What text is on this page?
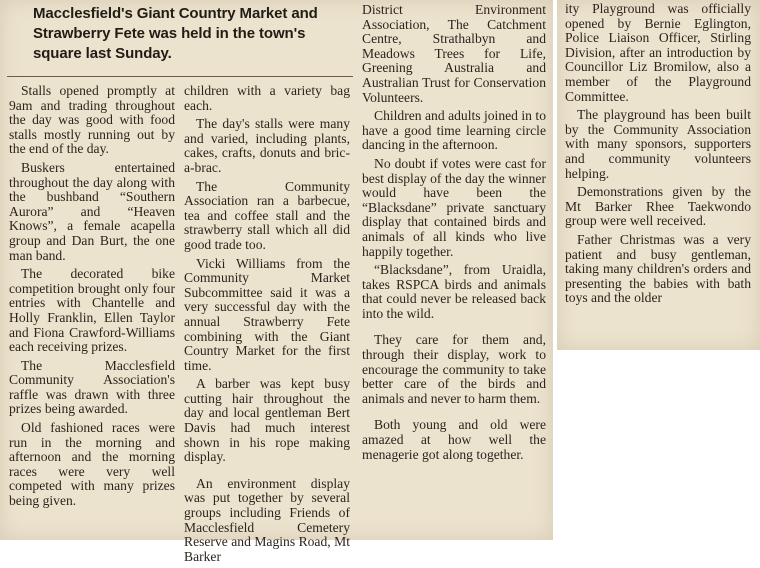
Macclesfield's Giant Country Market and Strawberry Fete was held in the town's square last Sunday.

Stalls opened promptly at 9am and trading throughout the day was good with food stalls mostly running out by the end of the day.

Buskers entertained throughout the day along with the bushband “Southern Aurora” and “Heaven Knows”, a female acapella group and Dan Burt, the one man band.

The decorated bike competition brought only four entries with Chantelle and Holly Franklin, Ellen Taylor and Fiona Crawford-Williams each receiving prizes.

The Macclesfield Community Association's raffle was drawn with three prizes being awarded.

Old fashioned races were run in the morning and afternoon and the morning races were very well competed with many prizes being given.

children with a variety bag each.

The day's stalls were many and varied, including plants, cakes, crafts, donuts and bric-a-brac.

The Community Association ran a barbecue, tea and coffee stall and the strawberry stall which all did good trade too.

Vicki Williams from the Community Market Subcommittee said it was a very successful day with the annual Strawberry Fete combining with the Giant Country Market for the first time.

A barber was kept busy cutting hair throughout the day and local gentleman Bert Davis had much interest shown in his rope making display.

An environment display was put together by several groups including Friends of Macclesfield Cemetery Reserve and Magins Road, Mt Barker

District Environment Association, The Catchment Centre, Strathalbyn and Meadows Trees for Life, Greening Australia and Australian Trust for Conservation Volunteers.

Children and adults joined in to have a good time learning circle dancing in the afternoon.

No doubt if votes were cast for best display of the day the winner would have been the “Blacksdane” private sanctuary display that contained birds and animals of all kinds who live happily together.

“Blacksdane”, from Uraidla, takes RSPCA birds and animals that could never be released back into the wild.

They care for them and, through their display, work to encourage the community to take better care of the birds and animals and never to harm them.

Both young and old were amazed at how well the menagerie got along together.

ity Playground was officially opened by Bernie Eglington, Police Liaison Officer, Stirling Division, after an introduction by Councillor Liz Bromilow, also a member of the Playground Committee.

The playground has been built by the Community Association with many sponsors, supporters and community volunteers helping.

Demonstrations given by the Mt Barker Rhee Taekwondo group were well received.

Father Christmas was a very patient and busy gentleman, taking many children's orders and presenting the babies with bath toys and the older
